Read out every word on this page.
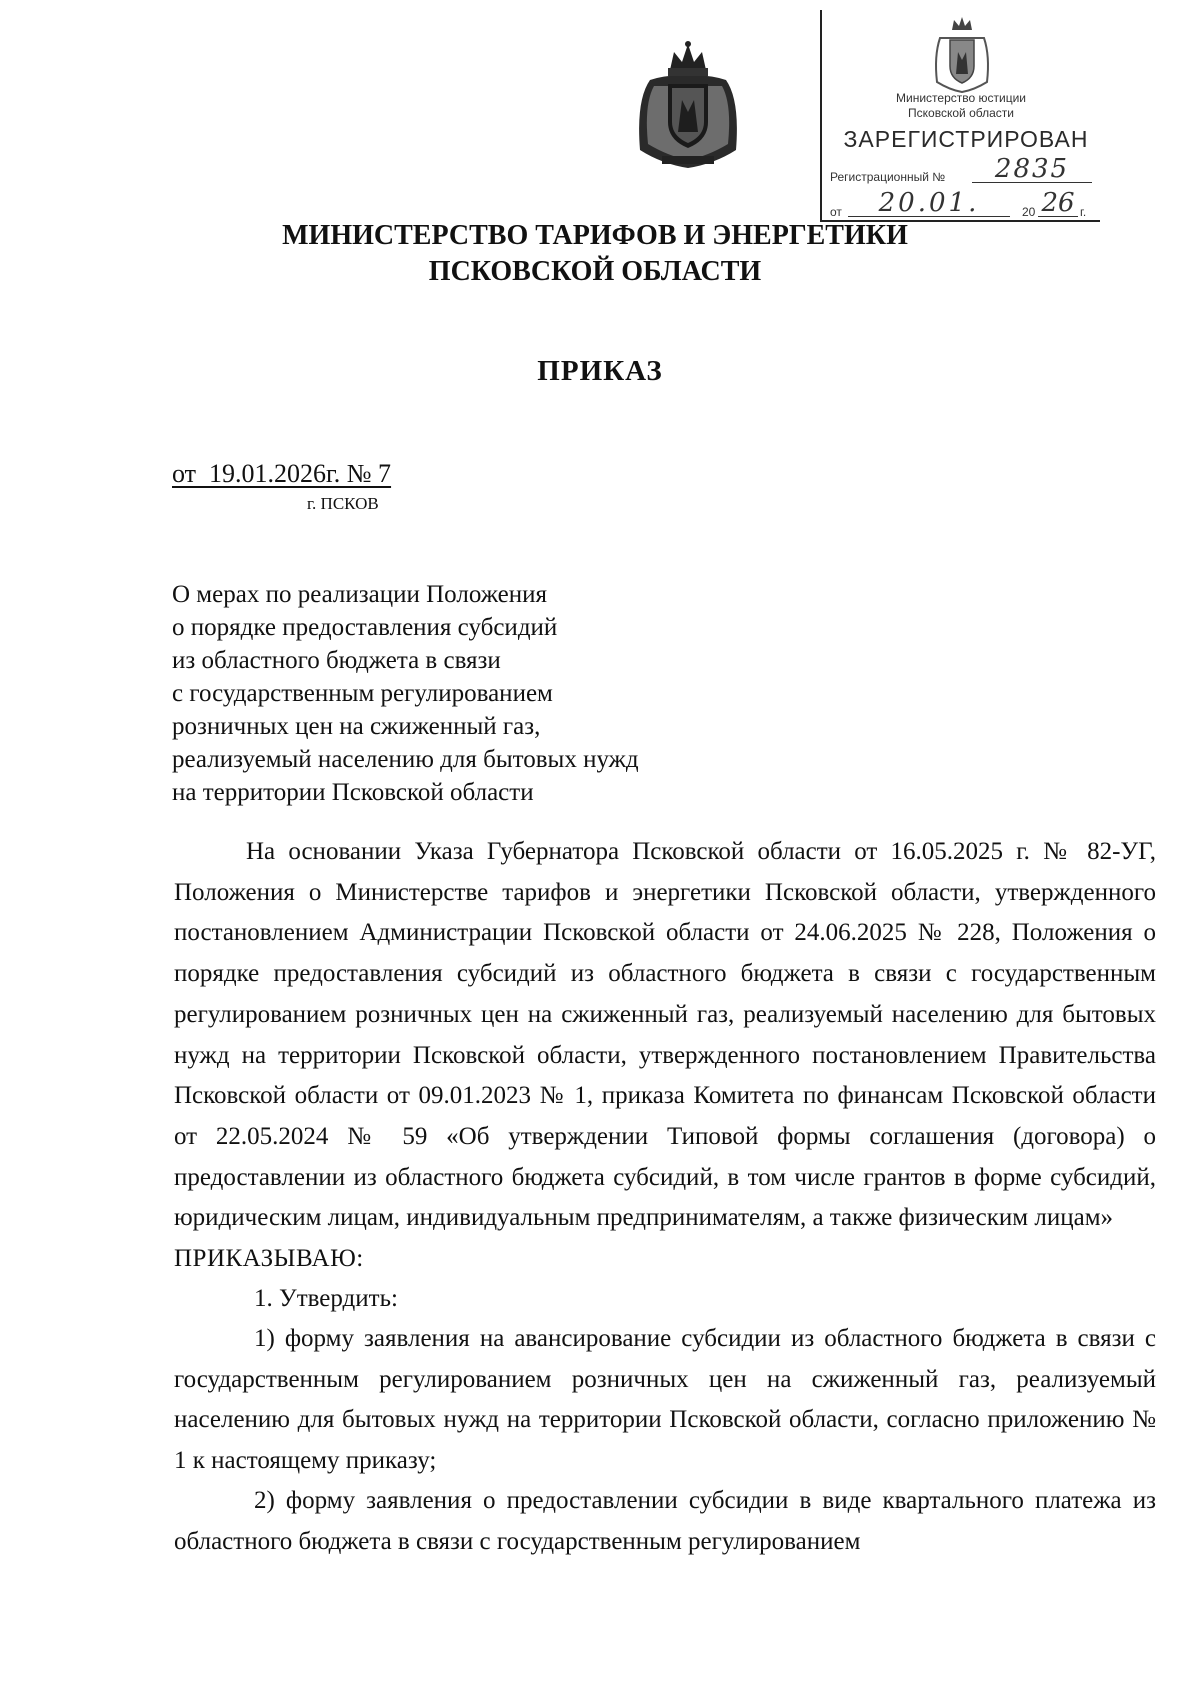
Министерство юстиции
Псковской области
ЗАРЕГИСТРИРОВАН
Регистрационный №	2835
от	20.01.	20 26 г.
МИНИСТЕРСТВО ТАРИФОВ И ЭНЕРГЕТИКИ
ПСКОВСКОЙ ОБЛАСТИ
ПРИКАЗ
от  19.01.2026г. № 7
г. ПСКОВ
О мерах по реализации Положения
о порядке предоставления субсидий
из областного бюджета в связи
с государственным регулированием
розничных цен на сжиженный газ,
реализуемый населению для бытовых нужд
на территории Псковской области

На основании Указа Губернатора Псковской области от 16.05.2025 г. № 82-УГ, Положения о Министерстве тарифов и энергетики Псковской области, утвержденного постановлением Администрации Псковской области от 24.06.2025 № 228, Положения о порядке предоставления субсидий из областного бюджета в связи с государственным регулированием розничных цен на сжиженный газ, реализуемый населению для бытовых нужд на территории Псковской области, утвержденного постановлением Правительства Псковской области от 09.01.2023 № 1, приказа Комитета по финансам Псковской области от 22.05.2024 № 59 «Об утверждении Типовой формы соглашения (договора) о предоставлении из областного бюджета субсидий, в том числе грантов в форме субсидий, юридическим лицам, индивидуальным предпринимателям, а также физическим лицам»

ПРИКАЗЫВАЮ:

1. Утвердить:

1) форму заявления на авансирование субсидии из областного бюджета в связи с государственным регулированием розничных цен на сжиженный газ, реализуемый населению для бытовых нужд на территории Псковской области, согласно приложению № 1 к настоящему приказу;

2) форму заявления о предоставлении субсидии в виде квартального платежа из областного бюджета в связи с государственным регулированием
